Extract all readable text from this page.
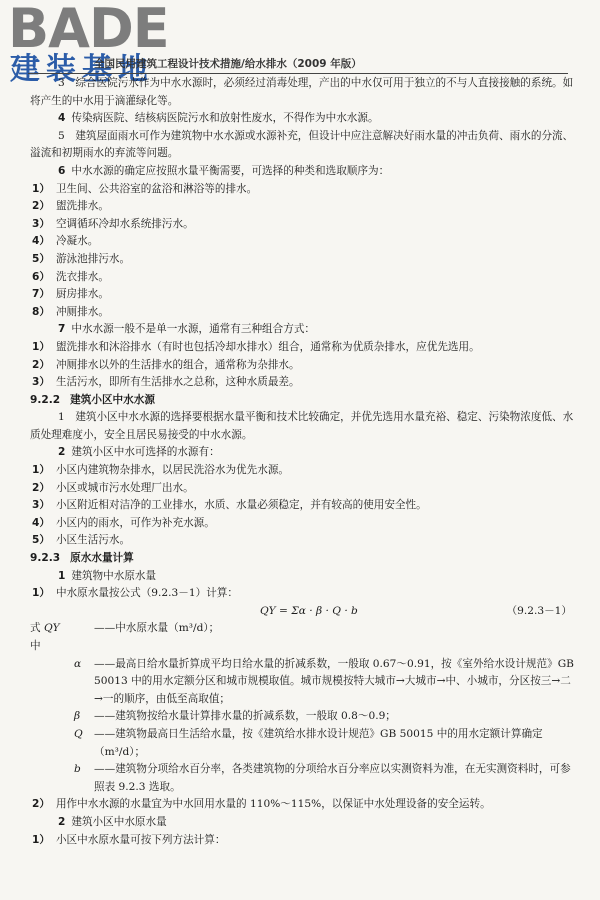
BADE
建装基地
全国民用建筑工程设计技术措施/给水排水（2009 年版）

3　综合医院污水作为中水水源时，必须经过消毒处理，产出的中水仅可用于独立的不与人直接接触的系统。如将产生的中水用于滴灌绿化等。

4 传染病医院、结核病医院污水和放射性废水，不得作为中水水源。

5　建筑屋面雨水可作为建筑物中水水源或水源补充，但设计中应注意解决好雨水量的冲击负荷、雨水的分流、溢流和初期雨水的弃流等问题。

6 中水水源的确定应按照水量平衡需要，可选择的种类和选取顺序为：

1） 卫生间、公共浴室的盆浴和淋浴等的排水。

2） 盥洗排水。

3） 空调循环冷却水系统排污水。

4） 冷凝水。

5） 游泳池排污水。

6） 洗衣排水。

7） 厨房排水。

8） 冲厕排水。

7 中水水源一般不是单一水源，通常有三种组合方式：

1） 盥洗排水和沐浴排水（有时也包括冷却水排水）组合，通常称为优质杂排水，应优先选用。

2） 冲厕排水以外的生活排水的组合，通常称为杂排水。

3） 生活污水，即所有生活排水之总称，这种水质最差。

9.2.2 建筑小区中水水源

1　建筑小区中水水源的选择要根据水量平衡和技术比较确定，并优先选用水量充裕、稳定、污染物浓度低、水质处理难度小，安全且居民易接受的中水水源。

2 建筑小区中水可选择的水源有：

1） 小区内建筑物杂排水，以居民洗浴水为优先水源。

2） 小区或城市污水处理厂出水。

3） 小区附近相对洁净的工业排水，水质、水量必须稳定，并有较高的使用安全性。

4） 小区内的雨水，可作为补充水源。

5） 小区生活污水。

9.2.3 原水水量计算

1 建筑物中水原水量

1） 中水原水量按公式（9.2.3－1）计算：

QY = Σα · β · Q · b	（9.2.3－1）
式中
QY	——中水原水量（m³/d）；
α	——最高日给水量折算成平均日给水量的折减系数，一般取 0.67～0.91，按《室外给水设计规范》GB 50013 中的用水定额分区和城市规模取值。城市规模按特大城市→大城市→中、小城市，分区按三→二→一的顺序，由低至高取值；
β	——建筑物按给水量计算排水量的折减系数，一般取 0.8～0.9；
Q	——建筑物最高日生活给水量，按《建筑给水排水设计规范》GB 50015 中的用水定额计算确定（m³/d）；
b	——建筑物分项给水百分率，各类建筑物的分项给水百分率应以实测资料为准，在无实测资料时，可参照表 9.2.3 选取。

2） 用作中水水源的水量宜为中水回用水量的 110%～115%，以保证中水处理设备的安全运转。

2 建筑小区中水原水量

1） 小区中水原水量可按下列方法计算：
